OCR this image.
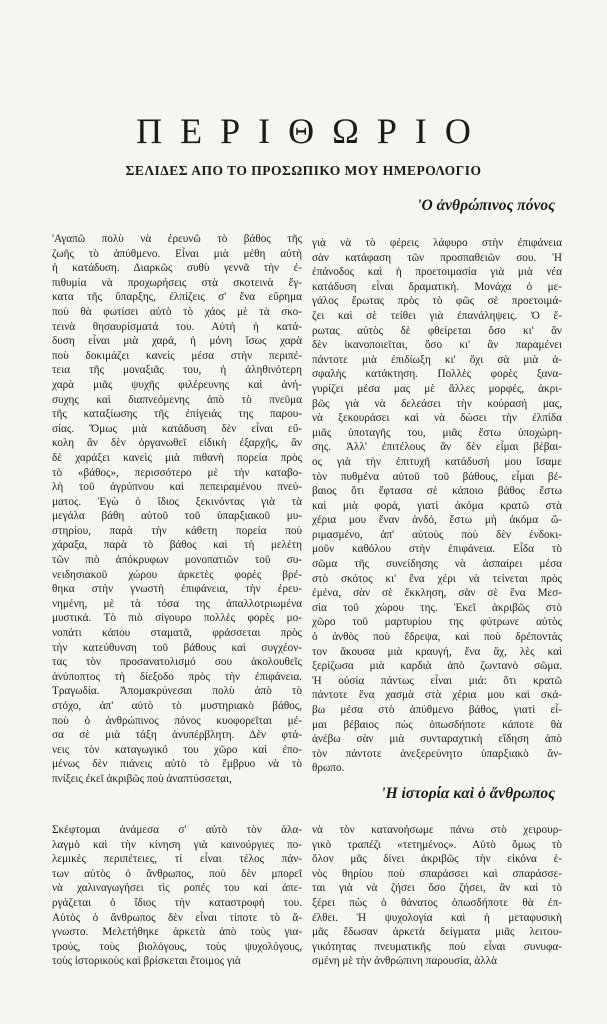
ΠΕΡΙΘΩΡΙΟ
ΣΕΛΙΔΕΣ ΑΠΟ ΤΟ ΠΡΟΣΩΠΙΚΟ ΜΟΥ ΗΜΕΡΟΛΟΓΙΟ
'Ο ἀνθρώπινος πόνος
'Αγαπῶ πολὺ νὰ ἐρευνῶ τὸ βάθος τῆς
ζωῆς τὸ ἀπύθμενο. Εἶναι μιὰ μέθη αὐτὴ
ἡ κατάδυση. Διαρκῶς συθὺ γεννᾶ τὴν ἐ-
πιθυμία νὰ προχωρήσεις στὰ σκοτεινὰ ἔγ-
κατα τῆς ὕπαρξης, ἐλπίζεις σ' ἕνα εὕρημα
ποὺ θὰ φωτίσει αὐτὸ τὸ χάος μὲ τὰ σκο-
τεινὰ θησαυρίσματά του. Αὐτὴ ἡ κατά-
δυση εἶναι μιὰ χαρά, ἡ μόνη ἴσως χαρὰ
ποὺ δοκιμάζει κανεὶς μέσα στὴν περιπέ-
τεια τῆς μοναξιᾶς του, ἡ ἀληθινότερη
χαρὰ μιᾶς ψυχῆς φιλέρευνης καὶ ἀνή-
συχης καὶ διαπνεόμενης ἀπὸ τὸ πνεῦμα
τῆς καταξίωσης τῆς ἐπίγειάς της παρου-
σίας. Ὅμως μιὰ κατάδυση δὲν εἶναι εὔ-
κολη ἂν δὲν ὀργανωθεῖ εἰδικὴ ἐξαρχῆς, ἂν
δὲ χαράξει κανεὶς μιὰ πιθανὴ πορεία πρὸς
τὸ «βάθος», περισσότερο μὲ τὴν καταβο-
λὴ τοῦ ἀγρύπνου καὶ πεπειραμένου πνεύ-
ματος. Ἐγὼ ὁ ἴδιος ξεκινόντας γιὰ τὰ
μεγάλα βάθη αὐτοῦ τοῦ ὑπαρξιακοῦ μυ-
στηρίου, παρὰ τὴν κάθετη πορεία ποὺ
χάραξα, παρὰ τὸ βάθος καὶ τὴ μελέτη
τῶν πιὸ ἀπόκρυφων μονοπατιῶν τοῦ συ-
νειδησιακοῦ χώρου ἀρκετὲς φορὲς βρέ-
θηκα στὴν γνωστὴ ἐπιφάνεια, τὴν ἐρευ-
νημένη, μὲ τὰ τόσα της ἀπαλλοτριωμένα
μυστικά. Τὸ πιὸ σίγουρο πολλὲς φορὲς μο-
νοπάτι κάπου σταματᾶ, φράσσεται πρὸς
τὴν κατεύθυνση τοῦ βάθους καὶ συγχέον-
τας τὸν προσανατολισμό σου ἀκολουθεῖς
ἀνύποπτος τὴ δίεξοδο πρὸς τὴν ἐπιφάνεια.
Τραγωδία. Ἀπομακρύνεσαι πολὺ ἀπὸ τὸ
στόχο, ἀπ' αὐτὸ τὸ μυστηριακὸ βάθος,
ποὺ ὁ ἀνθρώπινος πόνος κυοφορεῖται μέ-
σα σὲ μιὰ τάξη ἀνυπέρβλητη. Δὲν φτά-
νεις τὸν καταγωγικό του χῶρο καὶ ἐπο-
μένως δὲν πιάνεις αὐτὸ τὸ ἔμβρυο νὰ τὸ
πνίξεις ἐκεῖ ἀκριβῶς ποὺ ἀναπτύσσεται,
γιὰ νὰ τὸ φέρεις λάφυρο στὴν ἐπιφάνεια
σὰν κατάφαση τῶν προσπαθειῶν σου. Ἡ
ἐπάνοδος καὶ ἡ προετοιμασία γιὰ μιὰ νέα
κατάδυση εἶναι δραματική. Μονάχα ὁ με-
γάλος ἔρωτας πρὸς τὸ φῶς σὲ προετοιμά-
ζει καὶ σὲ τείθει γιὰ ἐπανάληψεις. Ὁ ἔ-
ρωτας αὐτὸς δὲ φθείρεται ὅσο κι' ἂν
δὲν ἱκανοποιεῖται, ὅσο κι' ἂν παραμένει
πάντοτε μιὰ ἐπιδίωξη κι' ὄχι σὰ μιὰ ἀ-
σφαλὴς κατάκτηση. Πολλὲς φορὲς ξανα-
γυρίζει μέσα μας μὲ ἄλλες μορφές, ἀκρι-
βῶς γιὰ νὰ δελεάσει τὴν κούρασή μας,
νὰ ξεκουράσει καὶ νὰ δώσει τὴν ἐλπίδα
μιᾶς ὑποταγῆς του, μιᾶς ἔστω ὑποχώρη-
σης. Ἀλλ' ἐπιτέλους ἂν δὲν εἶμαι βέβαι-
ος γιὰ τὴν ἐπιτυχῆ κατάδυσή μου ἴσαμε
τὸν πυθμένα αὐτοῦ τοῦ βάθους, εἶμαι βέ-
βαιος ὅτι ἔφτασα σὲ κάποιο βάθος ἔστω
καὶ μιὰ φορά, γιατὶ ἀκόμα κρατῶ στὰ
χέρια μου ἕναν ἀνδό, ἔστω μὴ ἀκόμα ὤ-
ριμασμένο, ἀπ' αὐτοὺς ποὺ δὲν ἐνδοκι-
μοῦν καθόλου στὴν ἐπιφάνεια. Εἶδα τὸ
σῶμα τῆς συνείδησης νὰ ἀσπαίρει μέσα
στὸ σκότος κι' ἕνα χέρι νὰ τείνεται πρὸς
ἐμένα, σὰν σὲ ἔκκληση, σὰν σὲ ἕνα Μεσ-
σία τοῦ χώρου της. Ἐκεῖ ἀκριβῶς στὸ
χῶρο τοῦ μαρτυρίου της φύτρωνε αὐτὸς
ὁ ἀνθὸς ποὺ ἔδρεψα, καὶ ποὺ δρέποντάς
τον ἄκουσα μιὰ κραυγή, ἕνα ἄχ, λὲς καὶ
ξερίζωσα μιὰ καρδιὰ ἀπὸ ζωντανὸ σῶμα.
Ἡ οὐσία πάντως εἶναι μιά: ὅτι κρατῶ
πάντοτε ἕνα χασμὰ στὰ χέρια μου καὶ σκά-
βω μέσα στὸ ἀπύθμενο βάθος, γιατὶ εἶ-
μαι βέβαιος πὼς ὁπωσδήποτε κάποτε θὰ
ἀνέβω σὰν μιὰ συνταραχτικὴ εἴδηση ἀπὸ
τὸν πάντοτε ἀνεξερεύνητο ὑπαρξιακὸ ἄν-
θρωπο.
'Η ἱστορία καὶ ὁ ἄνθρωπος
Σκέφτομαι ἀνάμεσα σ' αὐτὸ τὸν ἀλα-
λαγμὸ καὶ τὴν κίνηση γιὰ καινούργιες πο-
λεμικὲς περιπέτειες, τί εἶναι τέλος πάν-
των αὐτὸς ὁ ἄνθρωπος, ποὺ δὲν μπορεῖ
νὰ χαλιναγωγήσει τὶς ροπές του καὶ ἀπε-
ργάζεται ὁ ἴδιος τὴν καταστροφή του.
Αὐτὸς ὁ ἄνθρωπος δὲν εἶναι τίποτε τὸ ἄ-
γνωστο. Μελετήθηκε ἀρκετὰ ἀπὸ τοὺς για-
τρούς, τοὺς βιολόγους, τοὺς ψυχολόγους,
τοὺς ἱστορικοὺς καὶ βρίσκεται ἕτοιμος γιὰ
νὰ τὸν κατανοήσωμε πάνω στὸ χειρουρ-
γικὸ τραπέζι «τετημένος». Αὐτὸ ὅμως τὸ
ὅλον μᾶς δίνει ἀκριβῶς τὴν εἰκόνα ἑ-
νὸς θηρίου ποὺ σπαράσσει καὶ σπαράσσε-
ται γιὰ νὰ ζήσει ὅσο ζήσει, ἂν καὶ τὸ
ξέρει πὼς ὁ θάνατος ὁπωσδήποτε θὰ ἐπ-
έλθει. Ἡ ψυχολογία καὶ ἡ μεταφυσικὴ
μᾶς ἔδωσαν ἀρκετὰ δείγματα μιᾶς λειτου-
γικότητας πνευματικῆς ποὺ εἶναι συνυφα-
σμένη μὲ τὴν ἀνθρώπινη παρουσία, ἀλλὰ
